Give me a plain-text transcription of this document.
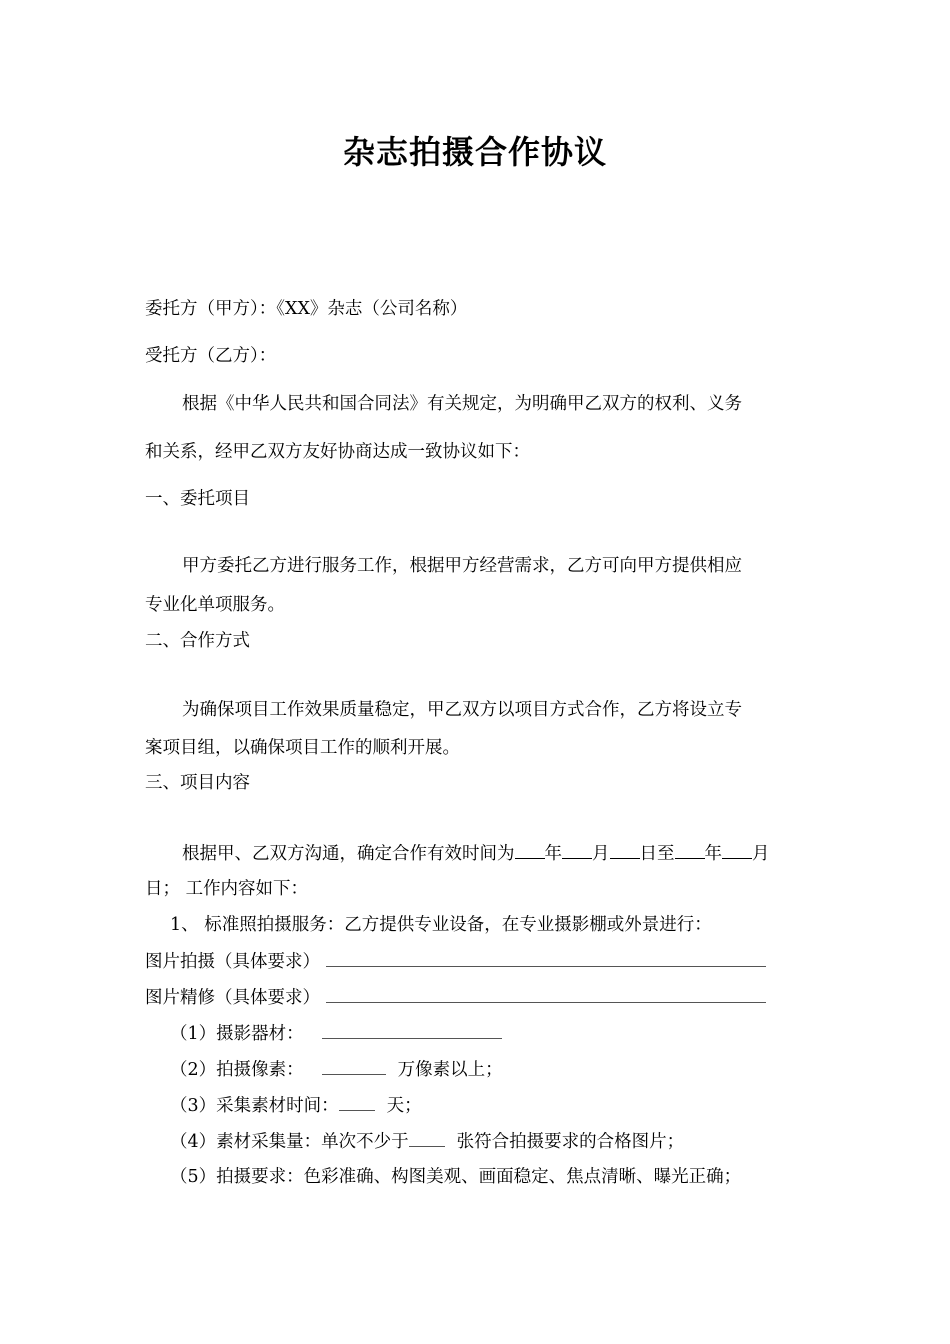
杂志拍摄合作协议
委托方（甲方）：《XX》杂志（公司名称）
受托方（乙方）：
根据《中华人民共和国合同法》有关规定，为明确甲乙双方的权利、义务
和关系，经甲乙双方友好协商达成一致协议如下：
一、委托项目
甲方委托乙方进行服务工作，根据甲方经营需求，乙方可向甲方提供相应
专业化单项服务。
二、合作方式
为确保项目工作效果质量稳定，甲乙双方以项目方式合作，乙方将设立专
案项目组，以确保项目工作的顺利开展。
三、项目内容
根据甲、乙双方沟通，确定合作有效时间为 年 月 日至 年 月
日； 工作内容如下：
1、 标准照拍摄服务：乙方提供专业设备，在专业摄影棚或外景进行：
图片拍摄（具体要求）
图片精修（具体要求）
（1）摄影器材：
（2）拍摄像素：	万像素以上；
（3）采集素材时间：	天；
（4）素材采集量：单次不少于	张符合拍摄要求的合格图片；
（5）拍摄要求：色彩准确、构图美观、画面稳定、焦点清晰、曝光正确；
